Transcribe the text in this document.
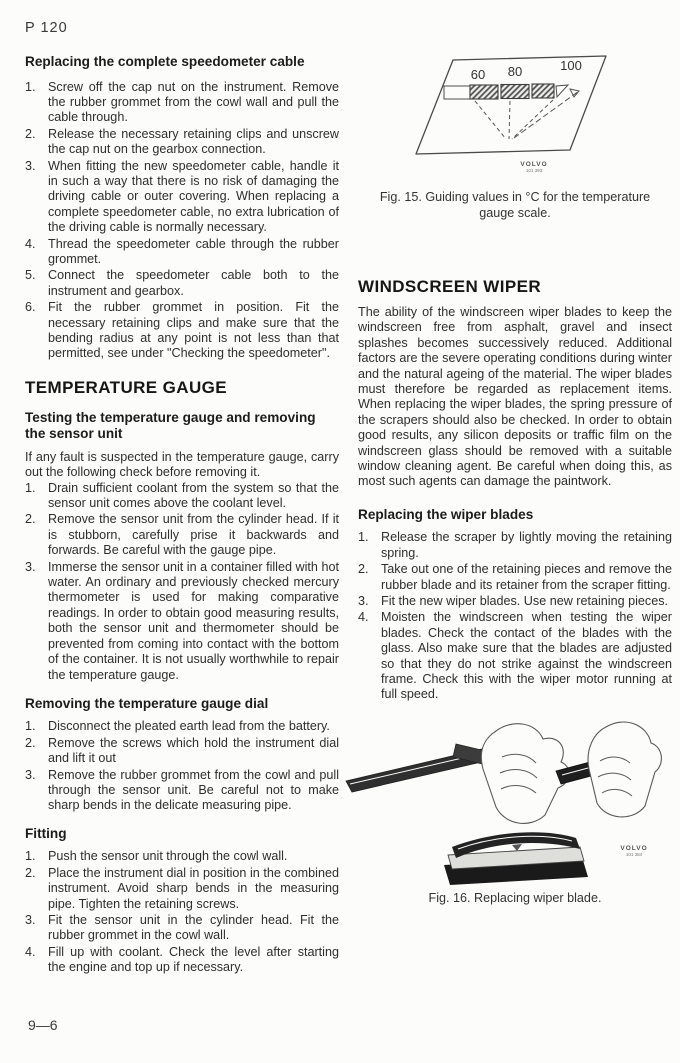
P 120
Replacing the complete speedometer cable
1. Screw off the cap nut on the instrument. Remove the rubber grommet from the cowl wall and pull the cable through.
2. Release the necessary retaining clips and unscrew the cap nut on the gearbox connection.
3. When fitting the new speedometer cable, handle it in such a way that there is no risk of damaging the driving cable or outer covering. When replacing a complete speedometer cable, no extra lubrication of the driving cable is normally necessary.
4. Thread the speedometer cable through the rubber grommet.
5. Connect the speedometer cable both to the instrument and gearbox.
6. Fit the rubber grommet in position. Fit the necessary retaining clips and make sure that the bending radius at any point is not less than that permitted, see under "Checking the speedometer".
TEMPERATURE GAUGE
Testing the temperature gauge and removing the sensor unit

If any fault is suspected in the temperature gauge, carry out the following check before removing it.

1. Drain sufficient coolant from the system so that the sensor unit comes above the coolant level.
2. Remove the sensor unit from the cylinder head. If it is stubborn, carefully prise it backwards and forwards. Be careful with the gauge pipe.
3. Immerse the sensor unit in a container filled with hot water. An ordinary and previously checked mercury thermometer is used for making comparative readings. In order to obtain good measuring results, both the sensor unit and thermometer should be prevented from coming into contact with the bottom of the container. It is not usually worthwhile to repair the temperature gauge.
Removing the temperature gauge dial
1. Disconnect the pleated earth lead from the battery.
2. Remove the screws which hold the instrument dial and lift it out
3. Remove the rubber grommet from the cowl and pull through the sensor unit. Be careful not to make sharp bends in the delicate measuring pipe.
Fitting
1. Push the sensor unit through the cowl wall.
2. Place the instrument dial in position in the combined instrument. Avoid sharp bends in the measuring pipe. Tighten the retaining screws.
3. Fit the sensor unit in the cylinder head. Fit the rubber grommet in the cowl wall.
4. Fill up with coolant. Check the level after starting the engine and top up if necessary.
60 80	100
VOLVO
101 393
Fig. 15. Guiding values in °C for the temperature gauge scale.
WINDSCREEN WIPER

The ability of the windscreen wiper blades to keep the windscreen free from asphalt, gravel and insect splashes becomes successively reduced. Additional factors are the severe operating conditions during winter and the natural ageing of the material. The wiper blades must therefore be regarded as replacement items. When replacing the wiper blades, the spring pressure of the scrapers should also be checked. In order to obtain good results, any silicon deposits or traffic film on the windscreen glass should be removed with a suitable window cleaning agent. Be careful when doing this, as most such agents can damage the paintwork.

Replacing the wiper blades
1. Release the scraper by lightly moving the retaining spring.
2. Take out one of the retaining pieces and remove the rubber blade and its retainer from the scraper fitting.
3. Fit the new wiper blades. Use new retaining pieces.
4. Moisten the windscreen when testing the wiper blades. Check the contact of the blades with the glass. Also make sure that the blades are adjusted so that they do not strike against the windscreen frame. Check this with the wiper motor running at full speed.
VOLVO
101 384
Fig. 16. Replacing wiper blade.
9—6
